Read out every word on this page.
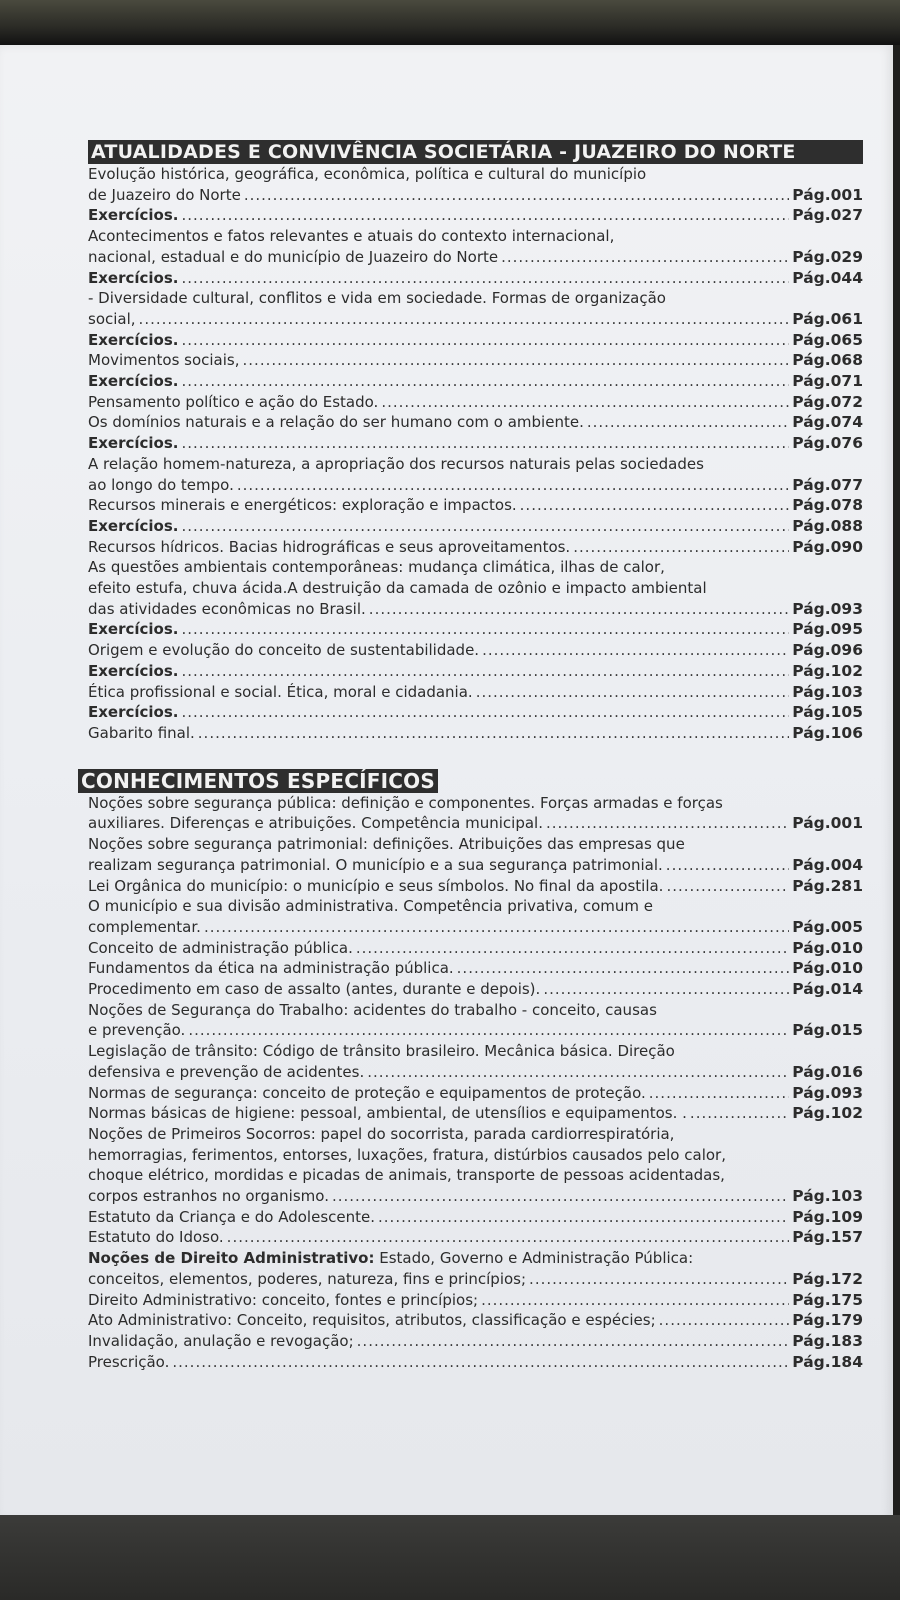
ATUALIDADES E CONVIVÊNCIA SOCIETÁRIA - JUAZEIRO DO NORTE
Evolução histórica, geográfica, econômica, política e cultural do município
de Juazeiro do Norte .....	Pág.001
Exercícios. .....	Pág.027
Acontecimentos e fatos relevantes e atuais do contexto internacional,
nacional, estadual e do município de Juazeiro do Norte .....	Pág.029
Exercícios. .....	Pág.044
- Diversidade cultural, conflitos e vida em sociedade. Formas de organização
social, .....	Pág.061
Exercícios. .....	Pág.065
Movimentos sociais, .....	Pág.068
Exercícios. .....	Pág.071
Pensamento político e ação do Estado. .....	Pág.072
Os domínios naturais e a relação do ser humano com o ambiente. .....	Pág.074
Exercícios. .....	Pág.076
A relação homem-natureza, a apropriação dos recursos naturais pelas sociedades
ao longo do tempo. .....	Pág.077
Recursos minerais e energéticos: exploração e impactos. .....	Pág.078
Exercícios. .....	Pág.088
Recursos hídricos. Bacias hidrográficas e seus aproveitamentos. .....	Pág.090
As questões ambientais contemporâneas: mudança climática, ilhas de calor,
efeito estufa, chuva ácida.A destruição da camada de ozônio e impacto ambiental
das atividades econômicas no Brasil. .....	Pág.093
Exercícios. .....	Pág.095
Origem e evolução do conceito de sustentabilidade. .....	Pág.096
Exercícios. .....	Pág.102
Ética profissional e social. Ética, moral e cidadania. .....	Pág.103
Exercícios. .....	Pág.105
Gabarito final. .....	Pág.106

CONHECIMENTOS ESPECÍFICOS
Noções sobre segurança pública: definição e componentes. Forças armadas e forças
auxiliares. Diferenças e atribuições. Competência municipal. .....	Pág.001
Noções sobre segurança patrimonial: definições. Atribuições das empresas que
realizam segurança patrimonial. O município e a sua segurança patrimonial. .....	Pág.004
Lei Orgânica do município: o município e seus símbolos. No final da apostila. .....	Pág.281
O município e sua divisão administrativa. Competência privativa, comum e
complementar. .....	Pág.005
Conceito de administração pública. .....	Pág.010
Fundamentos da ética na administração pública. .....	Pág.010
Procedimento em caso de assalto (antes, durante e depois). .....	Pág.014
Noções de Segurança do Trabalho: acidentes do trabalho - conceito, causas
e prevenção. .....	Pág.015
Legislação de trânsito: Código de trânsito brasileiro. Mecânica básica. Direção
defensiva e prevenção de acidentes. .....	Pág.016
Normas de segurança: conceito de proteção e equipamentos de proteção. .....	Pág.093
Normas básicas de higiene: pessoal, ambiental, de utensílios e equipamentos. . .....	Pág.102
Noções de Primeiros Socorros: papel do socorrista, parada cardiorrespiratória,
hemorragias, ferimentos, entorses, luxações, fratura, distúrbios causados pelo calor,
choque elétrico, mordidas e picadas de animais, transporte de pessoas acidentadas,
corpos estranhos no organismo. .....	Pág.103
Estatuto da Criança e do Adolescente. .....	Pág.109
Estatuto do Idoso. .....	Pág.157
Noções de Direito Administrativo: Estado, Governo e Administração Pública:
conceitos, elementos, poderes, natureza, fins e princípios; .....	Pág.172
Direito Administrativo: conceito, fontes e princípios; .....	Pág.175
Ato Administrativo: Conceito, requisitos, atributos, classificação e espécies; .....	Pág.179
Invalidação, anulação e revogação; .....	Pág.183
Prescrição. .....	Pág.184
